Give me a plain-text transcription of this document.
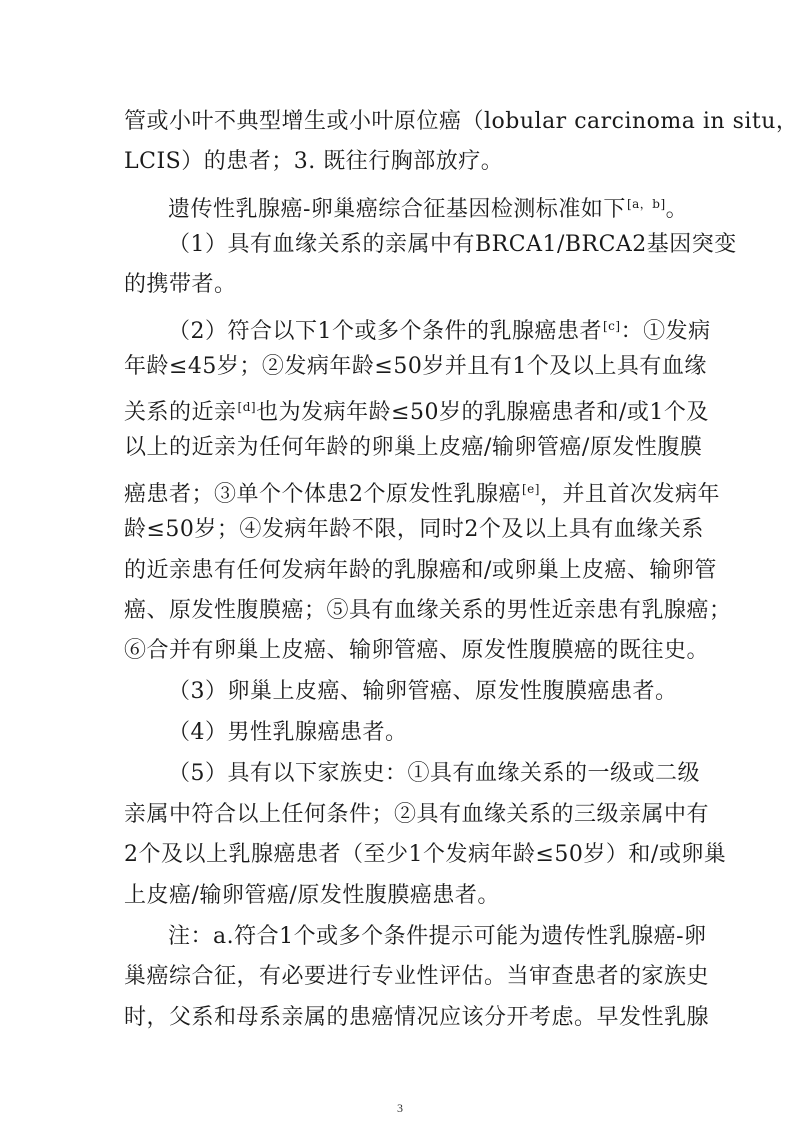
管或小叶不典型增生或小叶原位癌（lobular carcinoma in situ，
LCIS）的患者；3. 既往行胸部放疗。
遗传性乳腺癌-卵巢癌综合征基因检测标准如下[a，b]。
（1）具有血缘关系的亲属中有BRCA1/BRCA2基因突变
的携带者。
（2）符合以下1个或多个条件的乳腺癌患者[c]：①发病
年龄≤45岁；②发病年龄≤50岁并且有1个及以上具有血缘
关系的近亲[d]也为发病年龄≤50岁的乳腺癌患者和/或1个及
以上的近亲为任何年龄的卵巢上皮癌/输卵管癌/原发性腹膜
癌患者；③单个个体患2个原发性乳腺癌[e]，并且首次发病年
龄≤50岁；④发病年龄不限，同时2个及以上具有血缘关系
的近亲患有任何发病年龄的乳腺癌和/或卵巢上皮癌、输卵管
癌、原发性腹膜癌；⑤具有血缘关系的男性近亲患有乳腺癌；
⑥合并有卵巢上皮癌、输卵管癌、原发性腹膜癌的既往史。
（3）卵巢上皮癌、输卵管癌、原发性腹膜癌患者。
（4）男性乳腺癌患者。
（5）具有以下家族史：①具有血缘关系的一级或二级
亲属中符合以上任何条件；②具有血缘关系的三级亲属中有
2个及以上乳腺癌患者（至少1个发病年龄≤50岁）和/或卵巢
上皮癌/输卵管癌/原发性腹膜癌患者。
注：a.符合1个或多个条件提示可能为遗传性乳腺癌-卵
巢癌综合征，有必要进行专业性评估。当审查患者的家族史
时，父系和母系亲属的患癌情况应该分开考虑。早发性乳腺
3
